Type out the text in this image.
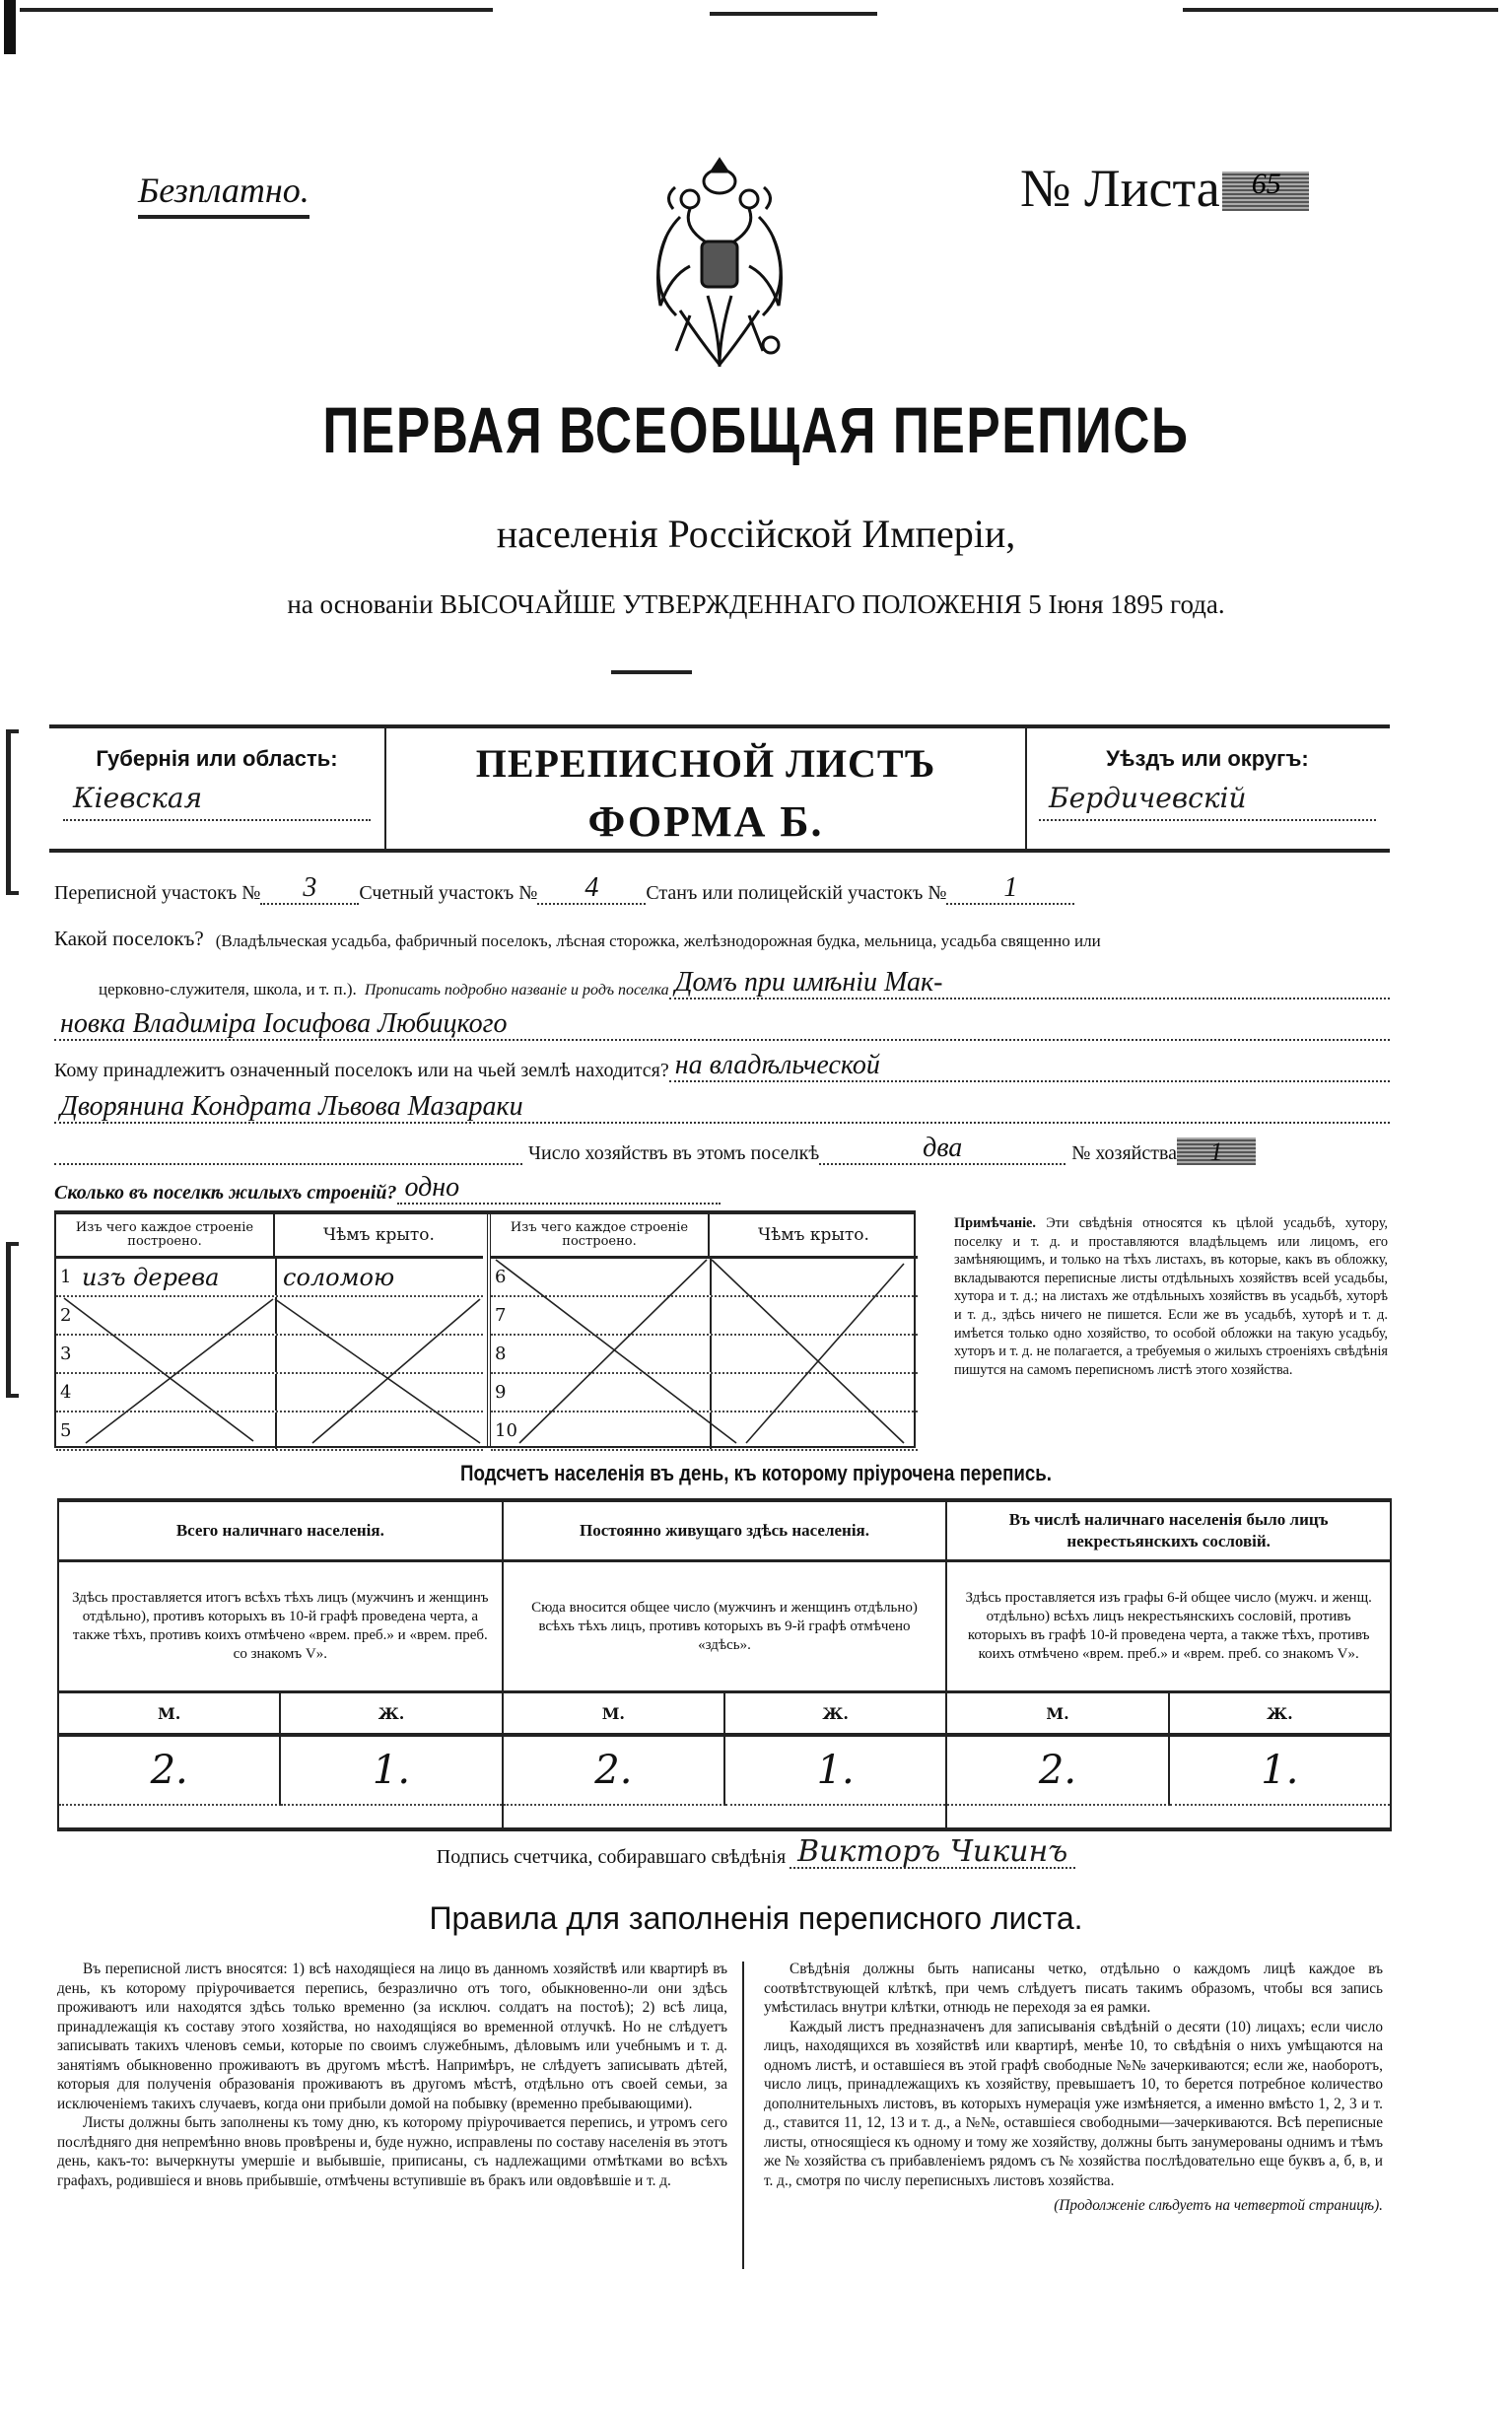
Безплатно.	№ Листа 65
ПЕРВАЯ ВСЕОБЩАЯ ПЕРЕПИСЬ
населенія Россійской Имперіи,
на основаніи ВЫСОЧАЙШЕ УТВЕРЖДЕННАГО ПОЛОЖЕНІЯ 5 Іюня 1895 года.
Губернія или область:
Кіевская
ПЕРЕПИСНОЙ ЛИСТЪ
ФОРМА Б.
Уѣздъ или округъ:
Бердичевскій
Переписной участокъ №	3	Счетный участокъ №	4	Станъ или полицейскій участокъ №	1
Какой поселокъ? (Владѣльческая усадьба, фабричный поселокъ, лѣсная сторожка, желѣзнодорожная будка, мельница, усадьба священно или
церковно-служителя, школа, и т. п.). Прописать подробно названіе и родъ поселка Домъ при имѣніи Мак-
новка Владиміра Іосифова Любицкого
Кому принадлежитъ означенный поселокъ или на чьей землѣ находится? на владѣльческой
Дворянина Кондрата Львова Мазараки
Число хозяйствъ въ этомъ поселкѣ	два	№ хозяйства	1
Сколько въ поселкѣ жилыхъ строеній? одно
Изъ чего каждое строеніе построено.	Чѣмъ крыто.
1 изъ дерева	соломою
2
3
4
5
Изъ чего каждое строеніе построено.	Чѣмъ крыто.
6
7
8
9
10
Примѣчаніе. Эти свѣдѣнія относятся къ цѣлой усадьбѣ, хутору, поселку и т. д. и проставляются владѣльцемъ или лицомъ, его замѣняющимъ, и только на тѣхъ листахъ, въ которые, какъ въ обложку, вкладываются переписные листы отдѣльныхъ хозяйствъ всей усадьбы, хутора и т. д.; на листахъ же отдѣльныхъ хозяйствъ въ усадьбѣ, хуторѣ и т. д., здѣсь ничего не пишется. Если же въ усадьбѣ, хуторѣ и т. д. имѣется только одно хозяйство, то особой обложки на такую усадьбу, хуторъ и т. д. не полагается, а требуемыя о жилыхъ строеніяхъ свѣдѣнія пишутся на самомъ переписномъ листѣ этого хозяйства.
Подсчетъ населенія въ день, къ которому пріурочена перепись.
Всего наличнаго населенія.
Здѣсь проставляется итогъ всѣхъ тѣхъ лицъ (мужчинъ и женщинъ отдѣльно), противъ которыхъ въ 10-й графѣ проведена черта, а также тѣхъ, противъ коихъ отмѣчено «врем. преб.» и «врем. преб. со знакомъ V».
М.	Ж.
2.	1.
Постоянно живущаго здѣсь населенія.
Сюда вносится общее число (мужчинъ и женщинъ отдѣльно) всѣхъ тѣхъ лицъ, противъ которыхъ въ 9-й графѣ отмѣчено «здѣсь».
М.	Ж.
2.	1.
Въ числѣ наличнаго населенія было лицъ некрестьянскихъ сословій.
Здѣсь проставляется изъ графы 6-й общее число (мужч. и женщ. отдѣльно) всѣхъ лицъ некрестьянскихъ сословій, противъ которыхъ въ графѣ 10-й проведена черта, а также тѣхъ, противъ коихъ отмѣчено «врем. преб.» и «врем. преб. со знакомъ V».
М.	Ж.
2.	1.
Подпись счетчика, собиравшаго свѣдѣнія Викторъ Чикинъ
Правила для заполненія переписного листа.

Въ переписной листъ вносятся: 1) всѣ находящіеся на лицо въ данномъ хозяйствѣ или квартирѣ въ день, къ которому пріурочивается перепись, безразлично отъ того, обыкновенно-ли они здѣсь проживаютъ или находятся здѣсь только временно (за исключ. солдатъ на постоѣ); 2) всѣ лица, принадлежащія къ составу этого хозяйства, но находящіяся во временной отлучкѣ. Но не слѣдуетъ записывать такихъ членовъ семьи, которые по своимъ служебнымъ, дѣловымъ или учебнымъ и т. д. занятіямъ обыкновенно проживаютъ въ другомъ мѣстѣ. Напримѣръ, не слѣдуетъ записывать дѣтей, которыя для полученія образованія проживаютъ въ другомъ мѣстѣ, отдѣльно отъ своей семьи, за исключеніемъ такихъ случаевъ, когда они прибыли домой на побывку (временно пребывающими).

Листы должны быть заполнены къ тому дню, къ которому пріурочивается перепись, и утромъ сего послѣдняго дня непремѣнно вновь провѣрены и, буде нужно, исправлены по составу населенія въ этотъ день, какъ-то: вычеркнуты умершіе и выбывшіе, приписаны, съ надлежащими отмѣтками во всѣхъ графахъ, родившіеся и вновь прибывшіе, отмѣчены вступившіе въ бракъ или овдовѣвшіе и т. д.

Свѣдѣнія должны быть написаны четко, отдѣльно о каждомъ лицѣ каждое въ соотвѣтствующей клѣткѣ, при чемъ слѣдуетъ писать такимъ образомъ, чтобы вся запись умѣстилась внутри клѣтки, отнюдь не переходя за ея рамки.

Каждый листъ предназначенъ для записыванія свѣдѣній о десяти (10) лицахъ; если число лицъ, находящихся въ хозяйствѣ или квартирѣ, менѣе 10, то свѣдѣнія о нихъ умѣщаются на одномъ листѣ, и оставшіеся въ этой графѣ свободные №№ зачеркиваются; если же, наоборотъ, число лицъ, принадлежащихъ къ хозяйству, превышаетъ 10, то берется потребное количество дополнительныхъ листовъ, въ которыхъ нумерація уже измѣняется, а именно вмѣсто 1, 2, 3 и т. д., ставится 11, 12, 13 и т. д., а №№, оставшіеся свободными—зачеркиваются. Всѣ переписные листы, относящіеся къ одному и тому же хозяйству, должны быть занумерованы однимъ и тѣмъ же № хозяйства съ прибавленіемъ рядомъ съ № хозяйства послѣдовательно еще буквъ а, б, в, и т. д., смотря по числу переписныхъ листовъ хозяйства.

(Продолженіе слѣдуетъ на четвертой страницѣ).
